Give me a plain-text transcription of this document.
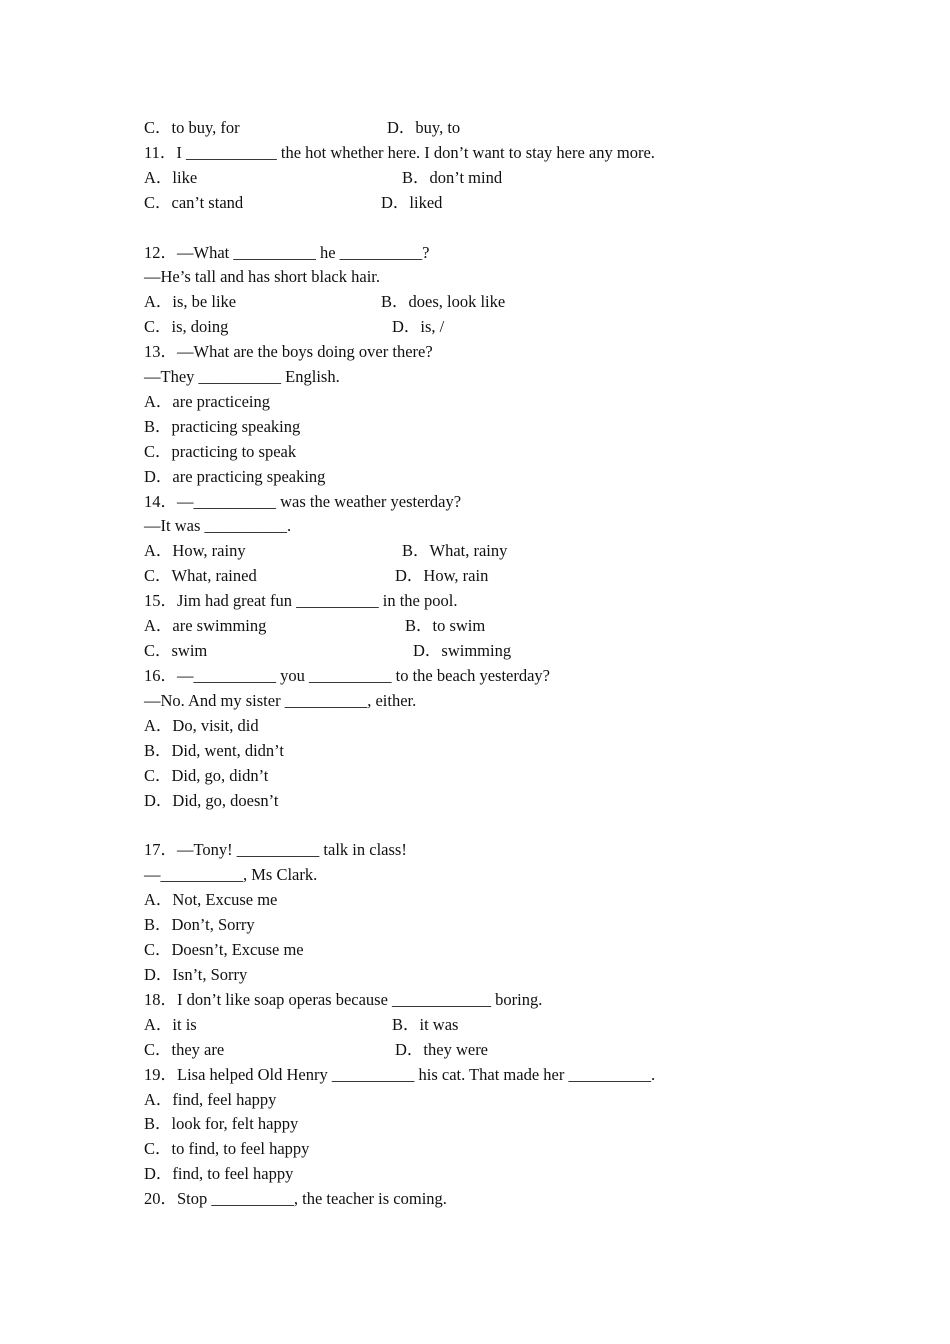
C．to buy, for	D．buy, to
11．I ___________ the hot whether here. I don’t want to stay here any more.
A．like	B．don’t mind
C．can’t stand	D．liked
12．—What __________ he __________?
—He’s tall and has short black hair.
A．is, be like	B．does, look like
C．is, doing	D．is, /
13．—What are the boys doing over there?
—They __________ English.
A．are practiceing
B．practicing speaking
C．practicing to speak
D．are practicing speaking
14．—__________ was the weather yesterday?
—It was __________.
A．How, rainy	B．What, rainy
C．What, rained	D．How, rain
15．Jim had great fun __________ in the pool.
A．are swimming	B．to swim
C．swim	D．swimming
16．—__________ you __________ to the beach yesterday?
—No. And my sister __________, either.
A．Do, visit, did
B．Did, went, didn’t
C．Did, go, didn’t
D．Did, go, doesn’t
17．—Tony! __________ talk in class!
—__________, Ms Clark.
A．Not, Excuse me
B．Don’t, Sorry
C．Doesn’t, Excuse me
D．Isn’t, Sorry
18．I don’t like soap operas because ____________ boring.
A．it is	B．it was
C．they are	D．they were
19．Lisa helped Old Henry __________ his cat. That made her __________.
A．find, feel happy
B．look for, felt happy
C．to find, to feel happy
D．find, to feel happy
20．Stop __________, the teacher is coming.
